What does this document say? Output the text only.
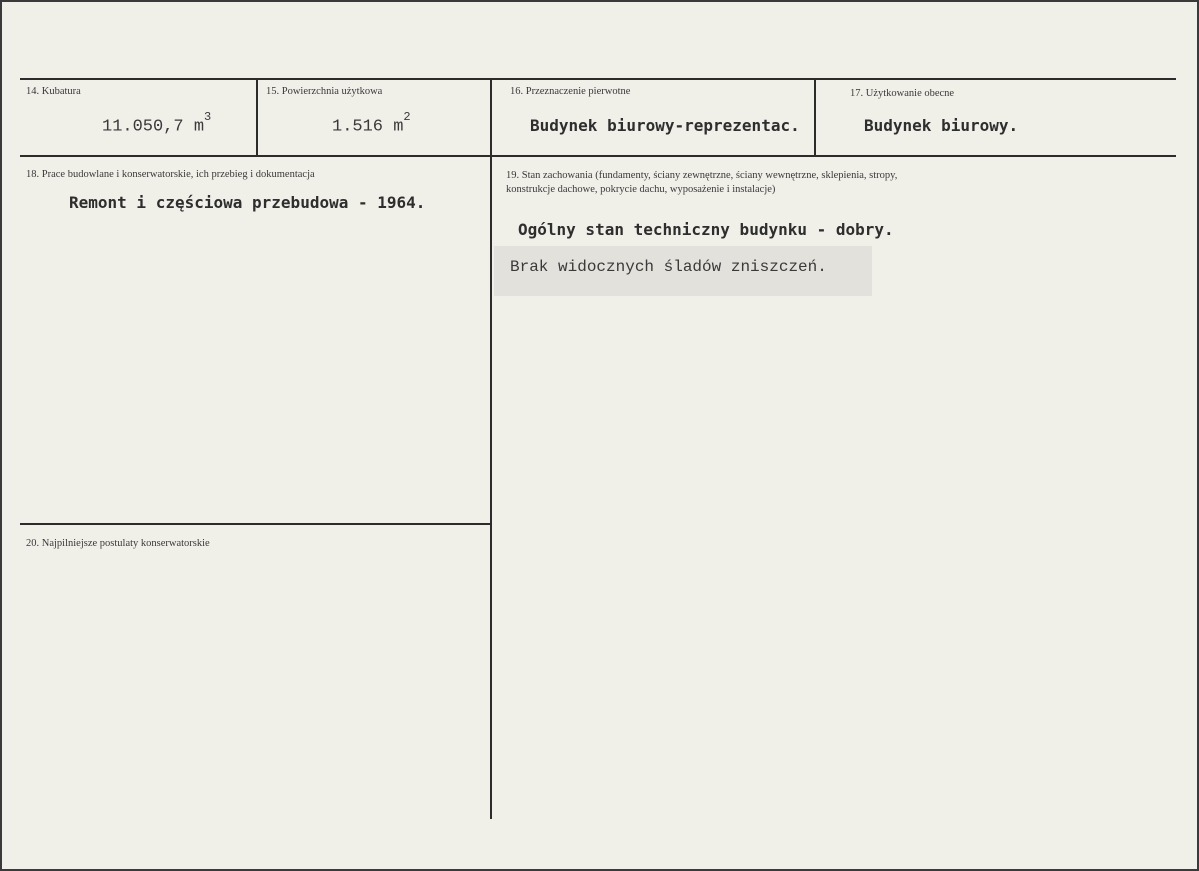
14. Kubatura
11.050,7 $m^3$
15. Powierzchnia użytkowa
1.516 $m^2$
16. Przeznaczenie pierwotne
Budynek biurowy-reprezentac.
17. Użytkowanie obecne
Budynek biurowy.
18. Prace budowlane i konserwatorskie, ich przebieg i dokumentacja
Remont i częściowa przebudowa - 1964.
19. Stan zachowania (fundamenty, ściany zewnętrzne, ściany wewnętrzne, sklepienia, stropy,
konstrukcje dachowe, pokrycie dachu, wyposażenie i instalacje)
Ogólny stan techniczny budynku - dobry.
Brak widocznych śladów zniszczeń.
20. Najpilniejsze postulaty konserwatorskie
